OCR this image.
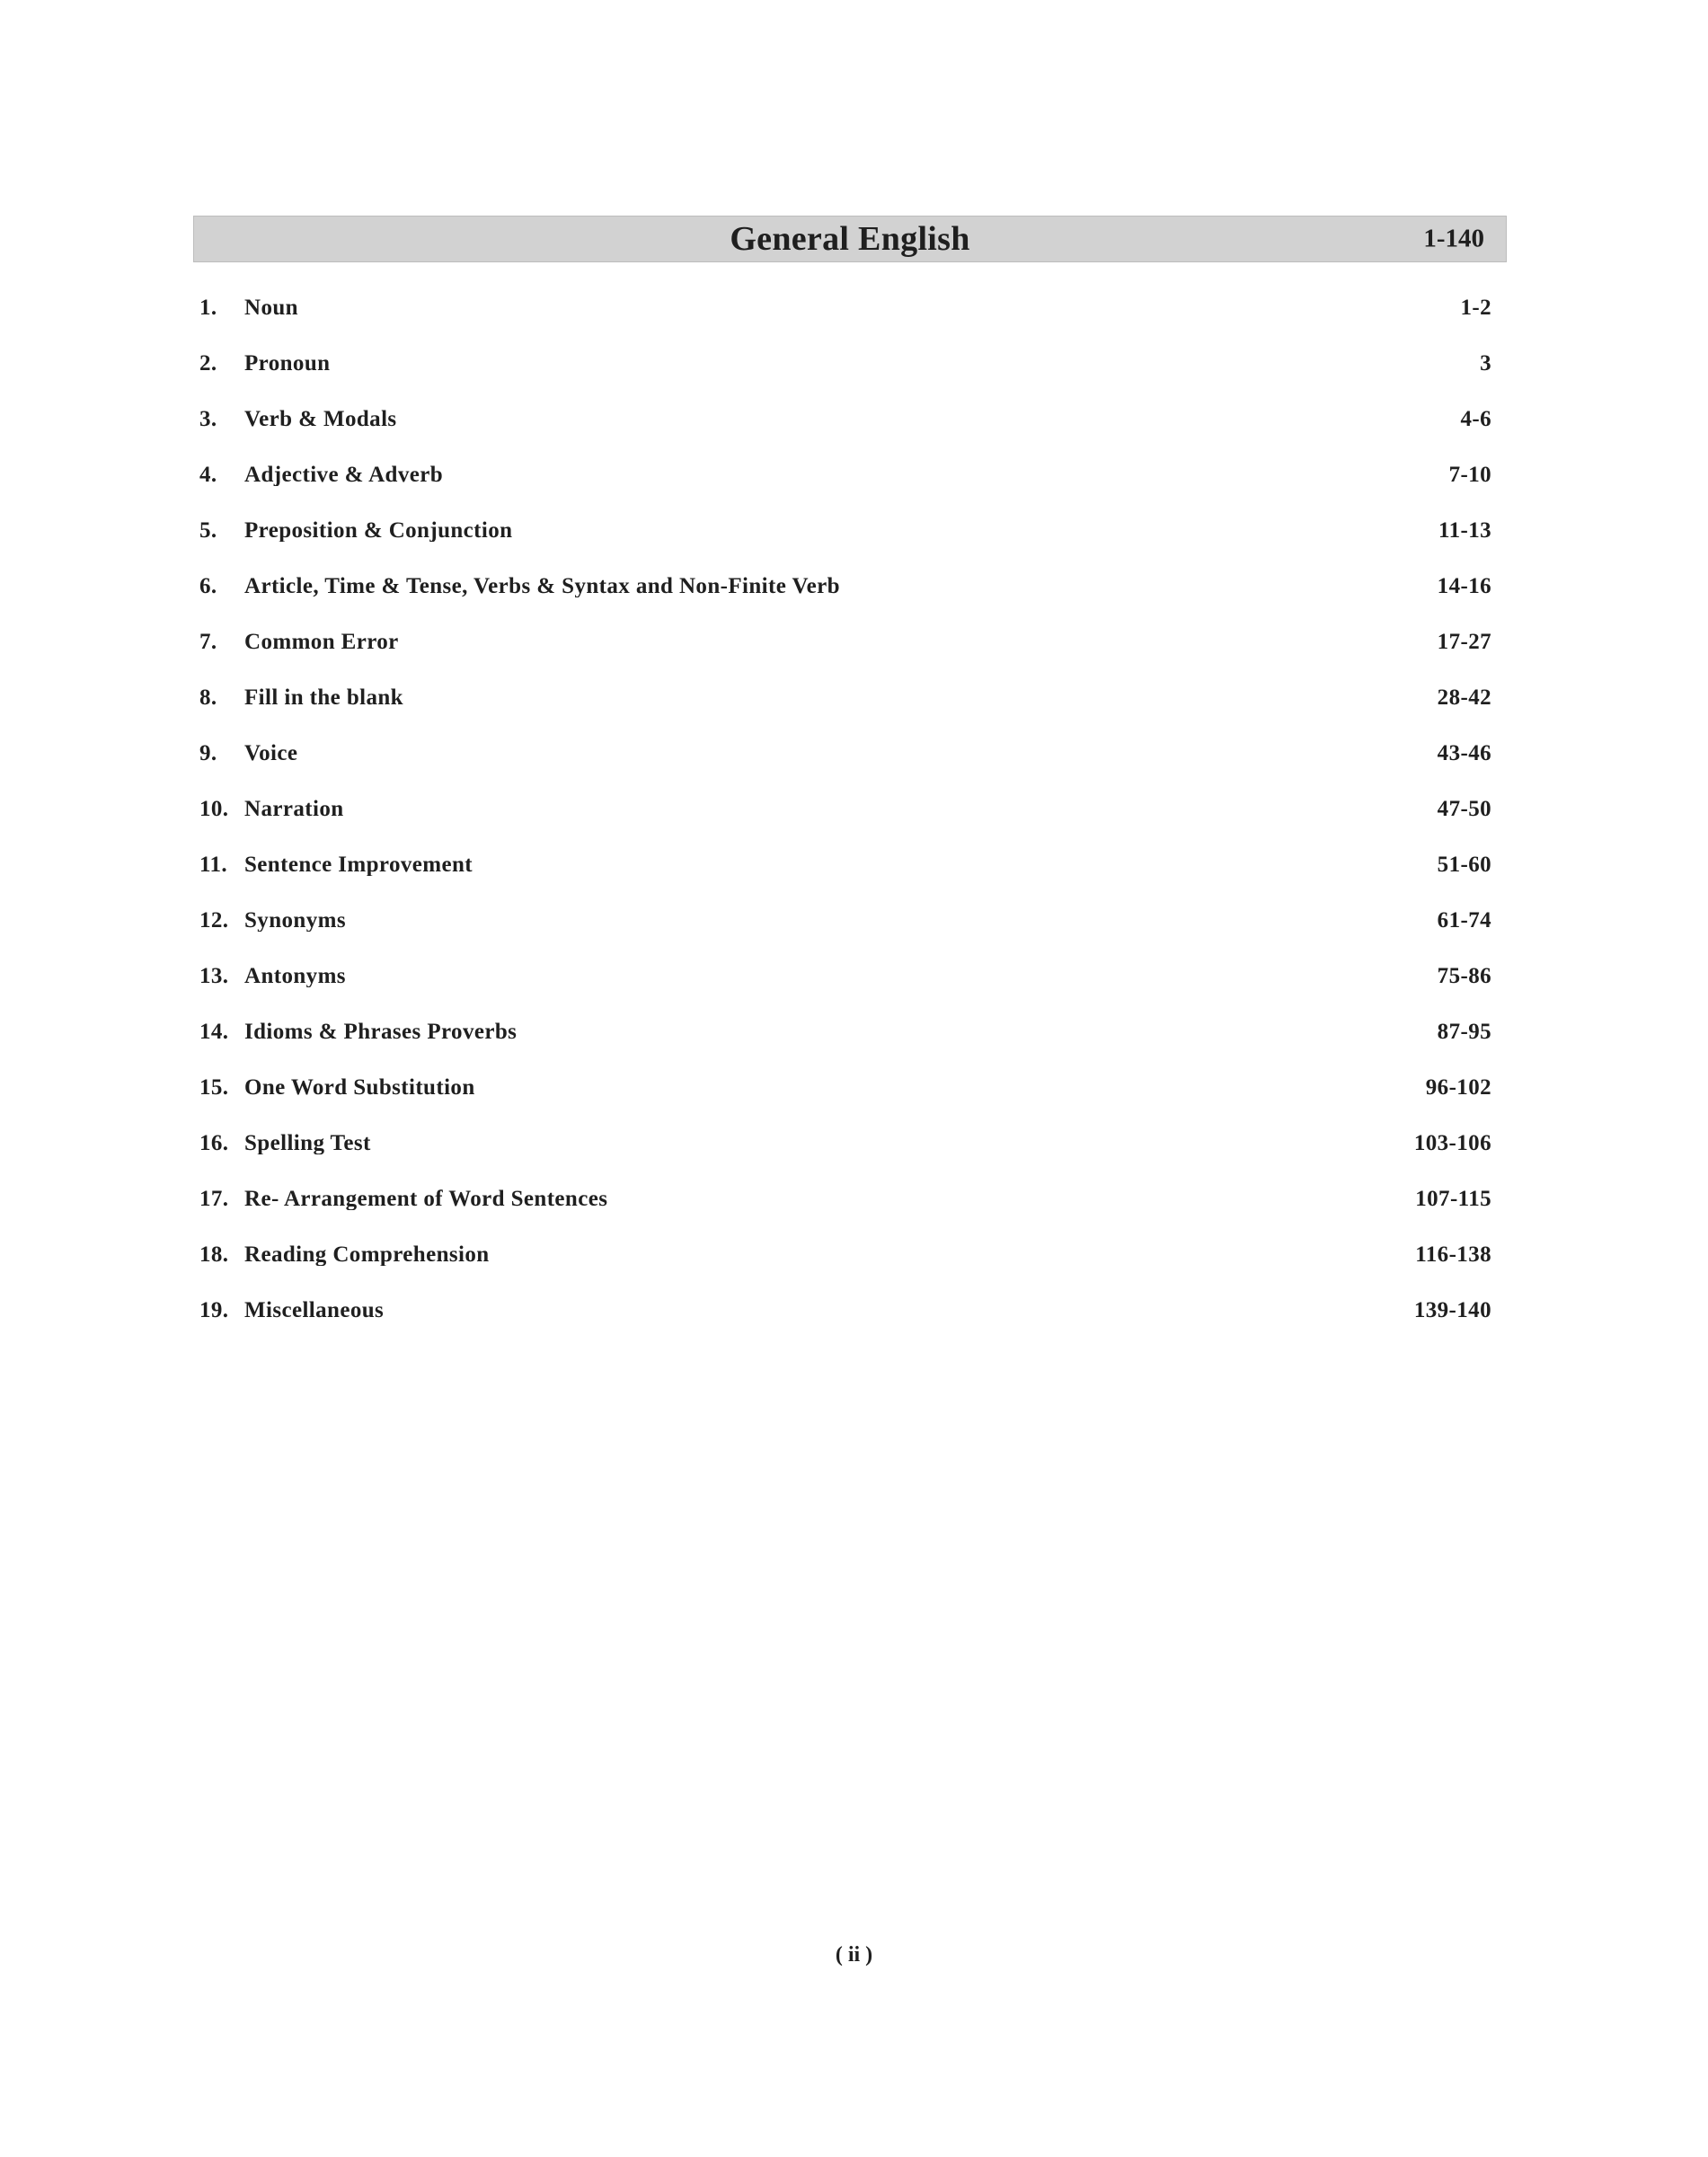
General English	1-140
1.	Noun	1-2
2.	Pronoun	3
3.	Verb & Modals	4-6
4.	Adjective & Adverb	7-10
5.	Preposition & Conjunction	11-13
6.	Article, Time & Tense, Verbs & Syntax and Non-Finite Verb	14-16
7.	Common Error	17-27
8.	Fill in the blank	28-42
9.	Voice	43-46
10. Narration	47-50
11. Sentence Improvement	51-60
12. Synonyms	61-74
13. Antonyms	75-86
14. Idioms & Phrases Proverbs	87-95
15. One Word Substitution	96-102
16. Spelling Test	103-106
17. Re- Arrangement of Word Sentences	107-115
18. Reading Comprehension	116-138
19. Miscellaneous	139-140
( ii )
